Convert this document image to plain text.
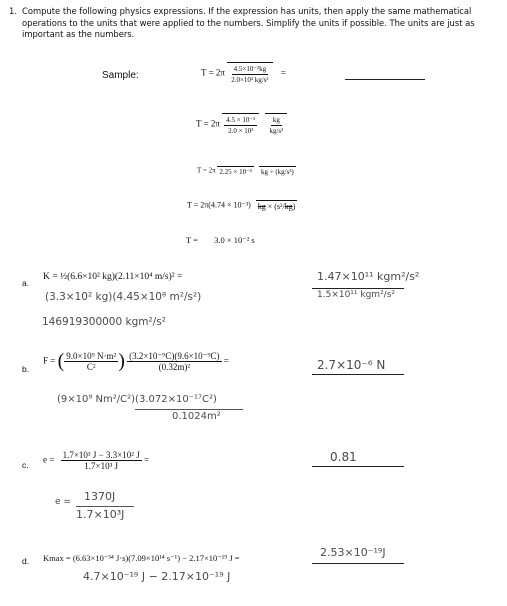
1. Compute the following physics expressions. If the expression has units, then apply the same mathematical operations to the units that were applied to the numbers. Simplify the units if possible. The units are just as important as the numbers.
Sample:	$T = 2\pi \frac{\text{4.5×10⁻²kg}}{\text{2.0×10³ kg/s²}}$ =
$T = 2\pi \frac{\text{4.5 × 10⁻²}}{\text{2.0 × 10³}}$
$\frac{kg}{\text{kg/s²}}$
T = 2π 2.25 × 10⁻⁵ kg ÷ (kg/s²)
T = 2π(4.74 × 10⁻³) kg × (s²/kg)
T = 3.0 × 10⁻² s
a.
K = ½(6.6×10² kg)(2.11×10⁴ m/s)² =
(3.3×10² kg)(4.45×10⁸ m²/s²)
146919300000 kgm²/s²
1.47×10¹¹ kgm²/s²
1.5×10¹¹ kgm²/s²
b.
F = ( $\frac{\text{9.0×10⁹ N·m²}}{\text{C²}}$ ) $\frac{\text{(3.2×10⁻⁹C)(9.6×10⁻⁹C)}}{\text{(0.32m)²}}$ =
(9×10⁹ Nm²/C²)(3.072×10⁻¹⁷C²)
0.1024m²
2.7×10⁻⁶ N
c.
$e = \frac{\text{1.7×10³ J − 3.3×10² J}}{\text{1.7×10³ J}}$ =
e = 1370J
1.7×10³J
0.81
d. Kmax = (6.63×10⁻³⁴ J·s)(7.09×10¹⁴ s⁻¹) − 2.17×10⁻¹⁹ J =
4.7×10⁻¹⁹ J − 2.17×10⁻¹⁹ J
2.53×10⁻¹⁹J
